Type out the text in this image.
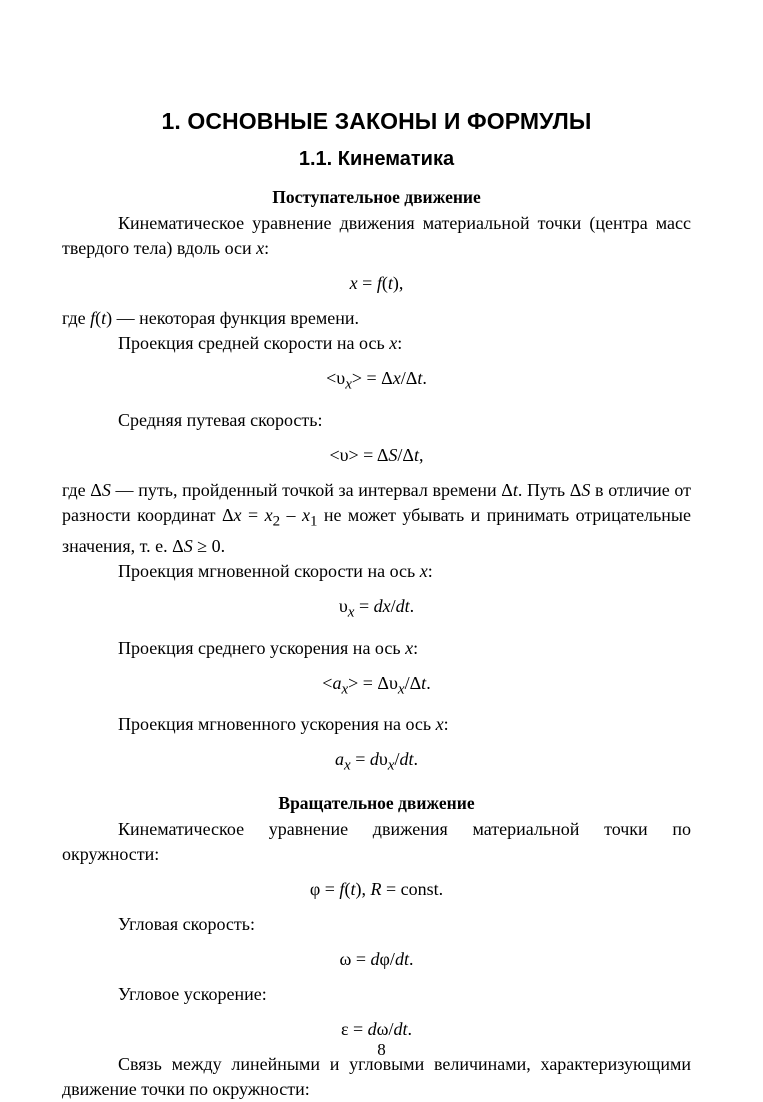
1. ОСНОВНЫЕ ЗАКОНЫ И ФОРМУЛЫ
1.1. Кинематика
Поступательное движение

Кинематическое уравнение движения материальной точки (центра масс твердого тела) вдоль оси x:

x = f(t),

где f(t) — некоторая функция времени.

Проекция средней скорости на ось x:

$<\upsilon_x> = \Delta x/\Delta t$.

Средняя путевая скорость:

<υ> = ΔS/Δt,

где ΔS — путь, пройденный точкой за интервал времени Δt. Путь ΔS в отличие от разности координат $\Delta x = x_2 - x_1$ не может убывать и принимать отрицательные значения, т. е. ΔS ≥ 0.

Проекция мгновенной скорости на ось x:

$\upsilon_x = dx/dt$.

Проекция среднего ускорения на ось x:

$<a_x> = \Delta\upsilon_x/\Delta t$.

Проекция мгновенного ускорения на ось x:

$a_x = d\upsilon_x/dt$.
Вращательное движение

Кинематическое уравнение движения материальной точки по окружности:

φ = f(t), R = const.

Угловая скорость:

ω = dφ/dt.

Угловое ускорение:

ε = dω/dt.

Связь между линейными и угловыми величинами, характеризующими движение точки по окружности:

8
